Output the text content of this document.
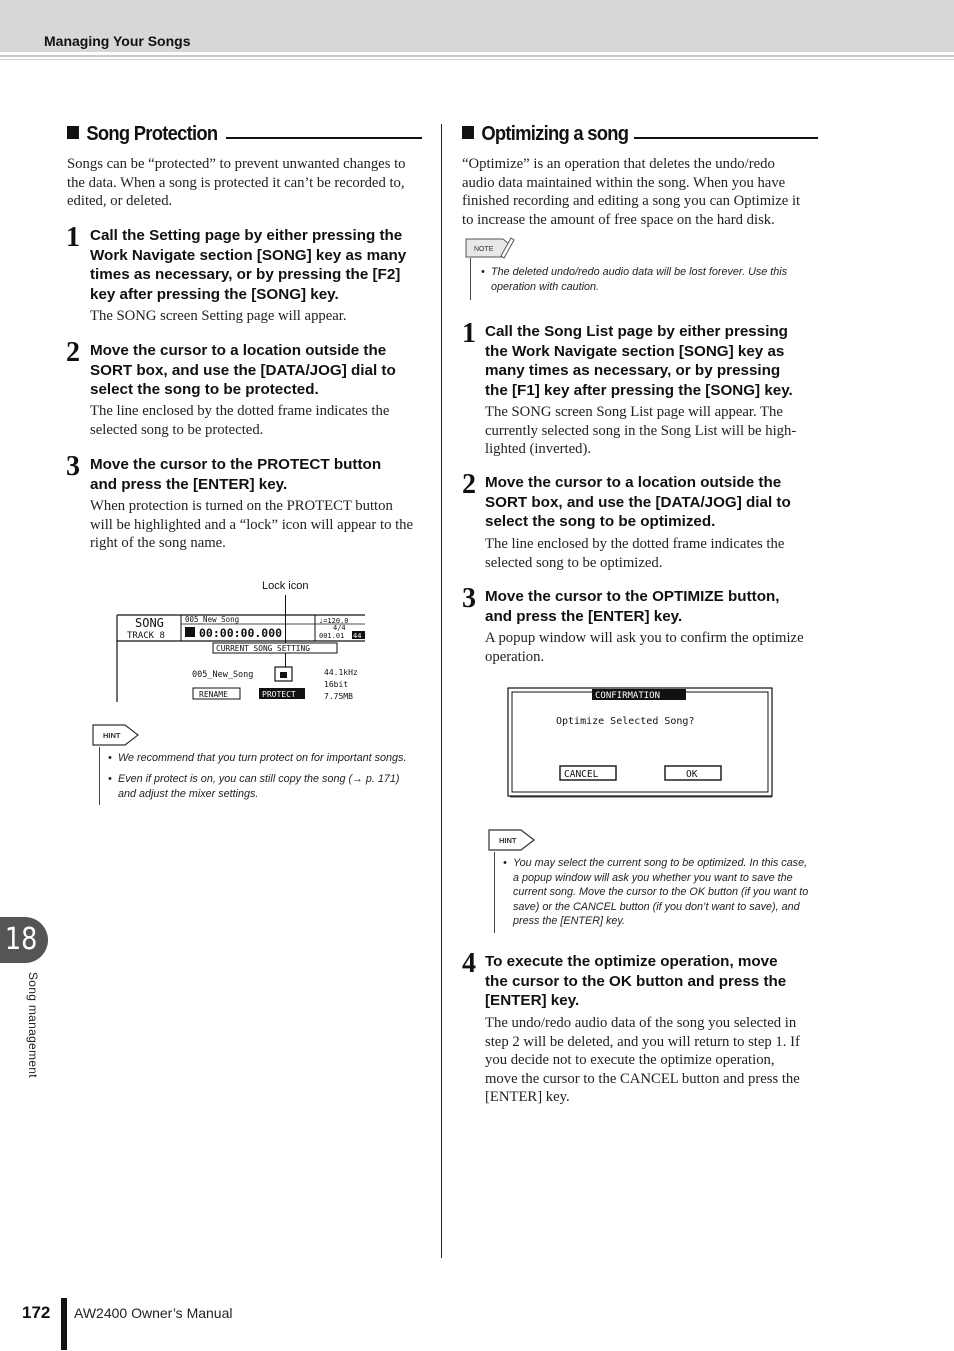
Managing Your Songs
Song Protection
Songs can be “protected” to prevent unwanted changes to
the data. When a song is protected it can’t be recorded to,
edited, or deleted.
1 Call the Setting page by either pressing the
Work Navigate section [SONG] key as many
times as necessary, or by pressing the [F2]
key after pressing the [SONG] key.
The SONG screen Setting page will appear.
2 Move the cursor to a location outside the
SORT box, and use the [DATA/JOG] dial to
select the song to be protected.
The line enclosed by the dotted frame indicates the
selected song to be protected.
3 Move the cursor to the PROTECT button
and press the [ENTER] key.
When protection is turned on the PROTECT button
will be highlighted and a “lock” icon will appear to the
right of the song name.
Lock icon
SONG
TRACK 8
005_New_Song
00:00:00.000
♩=120.0
4/4
001.01 44
CURRENT SONG SETTING
005_New_Song	44.1kHz
16bit
7.75MB
RENAME	PROTECT
HINT
• We recommend that you turn protect on for important songs.
• Even if protect is on, you can still copy the song (→ p. 171)
and adjust the mixer settings.
Optimizing a song
“Optimize” is an operation that deletes the undo/redo
audio data maintained within the song. When you have
finished recording and editing a song you can Optimize it
to increase the amount of free space on the hard disk.
NOTE
• The deleted undo/redo audio data will be lost forever. Use this
operation with caution.
1 Call the Song List page by either pressing
the Work Navigate section [SONG] key as
many times as necessary, or by pressing
the [F1] key after pressing the [SONG] key.
The SONG screen Song List page will appear. The
currently selected song in the Song List will be high-
lighted (inverted).
2 Move the cursor to a location outside the
SORT box, and use the [DATA/JOG] dial to
select the song to be optimized.
The line enclosed by the dotted frame indicates the
selected song to be optimized.
3 Move the cursor to the OPTIMIZE button,
and press the [ENTER] key.
A popup window will ask you to confirm the optimize
operation.
CONFIRMATION
Optimize Selected Song?
CANCEL	OK
HINT
• You may select the current song to be optimized. In this case,
a popup window will ask you whether you want to save the
current song. Move the cursor to the OK button (if you want to
save) or the CANCEL button (if you don’t want to save), and
press the [ENTER] key.
4 To execute the optimize operation, move
the cursor to the OK button and press the
[ENTER] key.
The undo/redo audio data of the song you selected in
step 2 will be deleted, and you will return to step 1. If
you decide not to execute the optimize operation,
move the cursor to the CANCEL button and press the
[ENTER] key.
18
Song management
172 AW2400 Owner’s Manual
